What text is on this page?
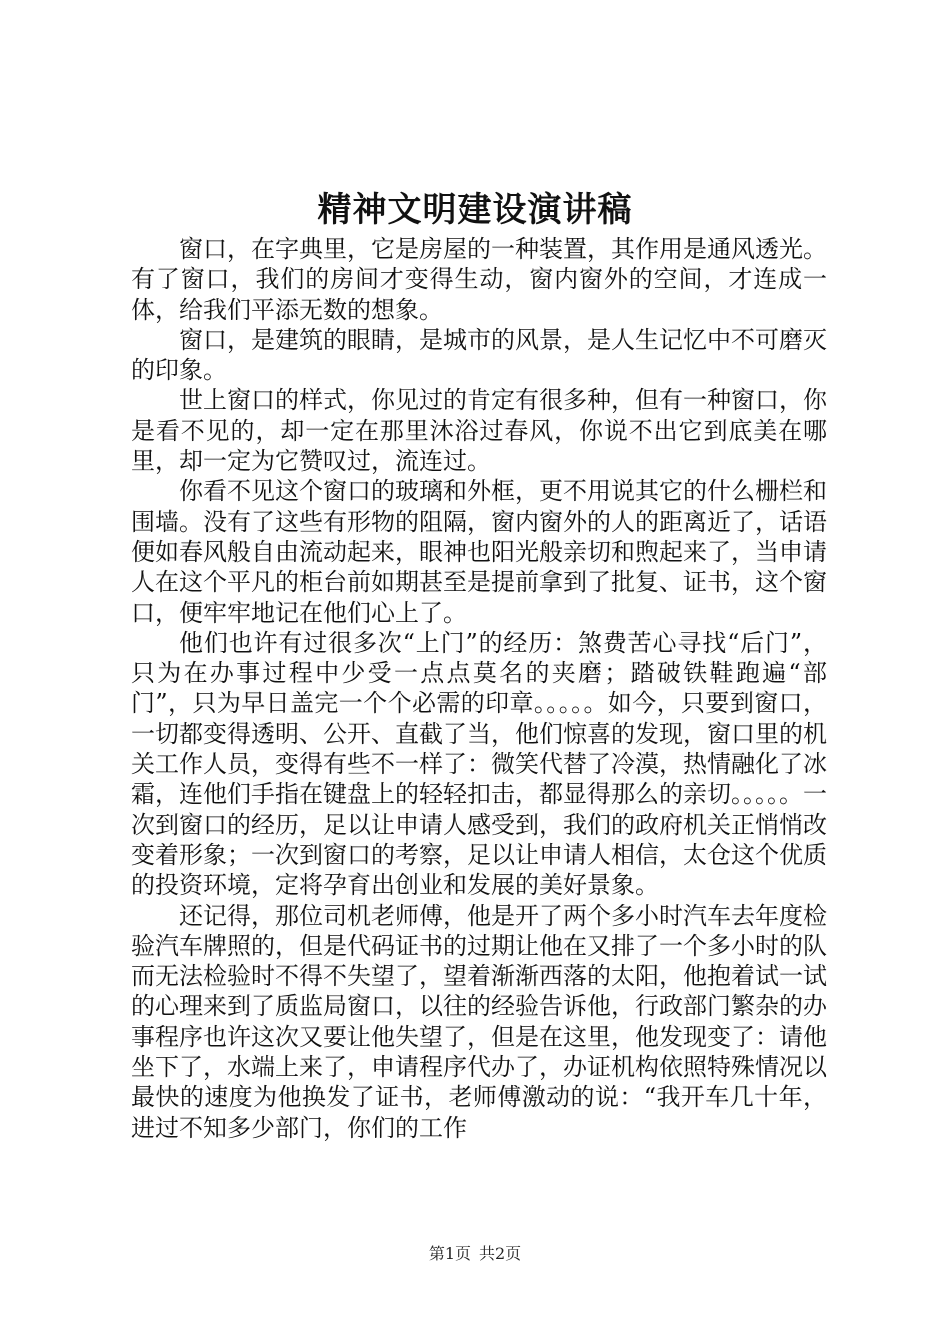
精神文明建设演讲稿

窗口，在字典里，它是房屋的一种装置，其作用是通风透光。有了窗口，我们的房间才变得生动，窗内窗外的空间，才连成一体，给我们平添无数的想象。

窗口，是建筑的眼睛，是城市的风景，是人生记忆中不可磨灭的印象。

世上窗口的样式，你见过的肯定有很多种，但有一种窗口，你是看不见的，却一定在那里沐浴过春风，你说不出它到底美在哪里，却一定为它赞叹过，流连过。

你看不见这个窗口的玻璃和外框，更不用说其它的什么栅栏和围墙。没有了这些有形物的阻隔，窗内窗外的人的距离近了，话语便如春风般自由流动起来，眼神也阳光般亲切和煦起来了，当申请人在这个平凡的柜台前如期甚至是提前拿到了批复、证书，这个窗口，便牢牢地记在他们心上了。

他们也许有过很多次“上门”的经历：煞费苦心寻找“后门”，只为在办事过程中少受一点点莫名的夹磨；踏破铁鞋跑遍“部门”，只为早日盖完一个个必需的印章。。。。。如今，只要到窗口，一切都变得透明、公开、直截了当，他们惊喜的发现，窗口里的机关工作人员，变得有些不一样了：微笑代替了冷漠，热情融化了冰霜，连他们手指在键盘上的轻轻扣击，都显得那么的亲切。。。。。一次到窗口的经历，足以让申请人感受到，我们的政府机关正悄悄改变着形象；一次到窗口的考察，足以让申请人相信，太仓这个优质的投资环境，定将孕育出创业和发展的美好景象。

还记得，那位司机老师傅，他是开了两个多小时汽车去年度检验汽车牌照的，但是代码证书的过期让他在又排了一个多小时的队而无法检验时不得不失望了，望着渐渐西落的太阳，他抱着试一试的心理来到了质监局窗口，以往的经验告诉他，行政部门繁杂的办事程序也许这次又要让他失望了，但是在这里，他发现变了：请他坐下了，水端上来了，申请程序代办了，办证机构依照特殊情况以最快的速度为他换发了证书，老师傅激动的说：“我开车几十年，进过不知多少部门，你们的工作

第1页 共2页
